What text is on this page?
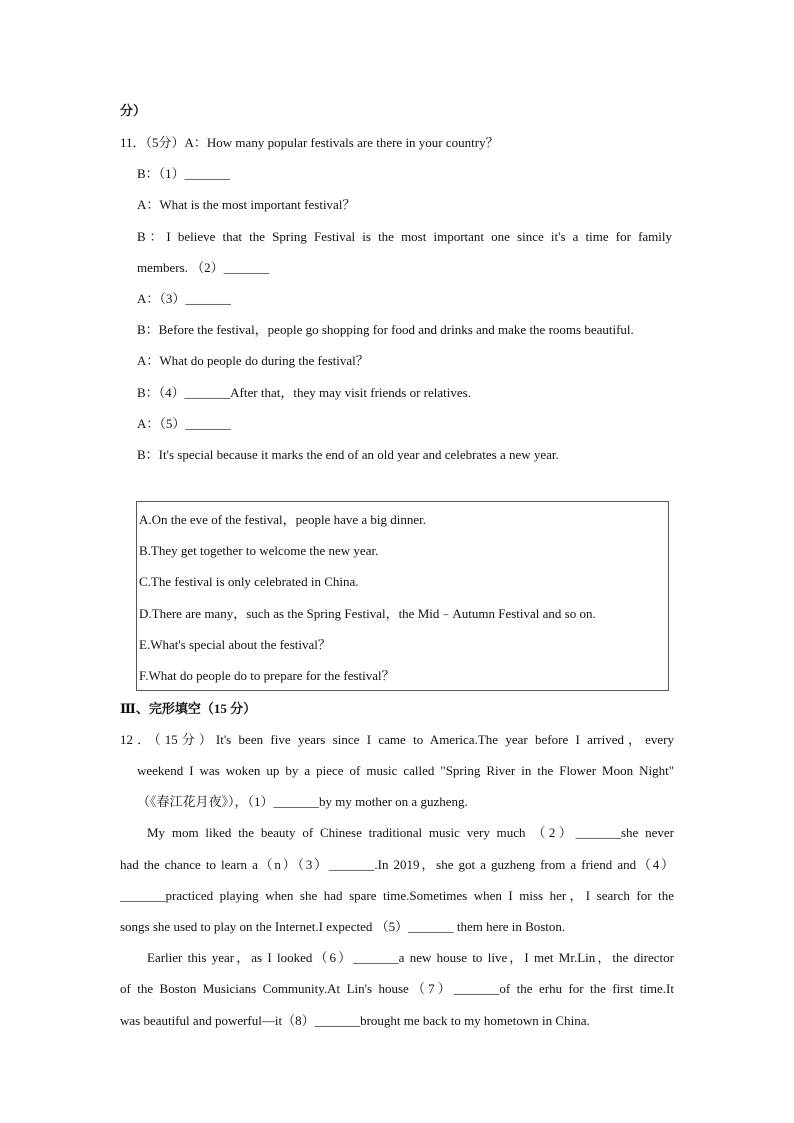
分）
11．（5分）A：How many popular festivals are there in your country？
B：（1）_______
A：What is the most important festival？
B：I believe that the Spring Festival is the most important one since it's a time for family
members. （2）_______
A：（3）_______
B：Before the festival，people go shopping for food and drinks and make the rooms beautiful.
A：What do people do during the festival？
B：（4）_______After that，they may visit friends or relatives.
A：（5）_______
B：It's special because it marks the end of an old year and celebrates a new year.
A.On the eve of the festival，people have a big dinner.
B.They get together to welcome the new year.
C.The festival is only celebrated in China.
D.There are many，such as the Spring Festival，the Mid﹣Autumn Festival and so on.
E.What's special about the festival？
F.What do people do to prepare for the festival？
Ⅲ、完形填空（15 分）
12．（15分）It's been five years since I came to America.The year before I arrived，every
weekend I was woken up by a piece of music called "Spring River in the Flower Moon Night"
（《春江花月夜》），（1）_______by my mother on a guzheng.
My mom liked the beauty of Chinese traditional music very much （2）_______she never
had the chance to learn a（n）（3）_______.In 2019，she got a guzheng from a friend and（4）
_______practiced playing when she had spare time.Sometimes when I miss her，I search for the
songs she used to play on the Internet.I expected （5）_______ them here in Boston.
Earlier this year，as I looked（6）_______a new house to live，I met Mr.Lin，the director
of the Boston Musicians Community.At Lin's house（7）_______of the erhu for the first time.It
was beautiful and powerful—it（8）_______brought me back to my hometown in China.
